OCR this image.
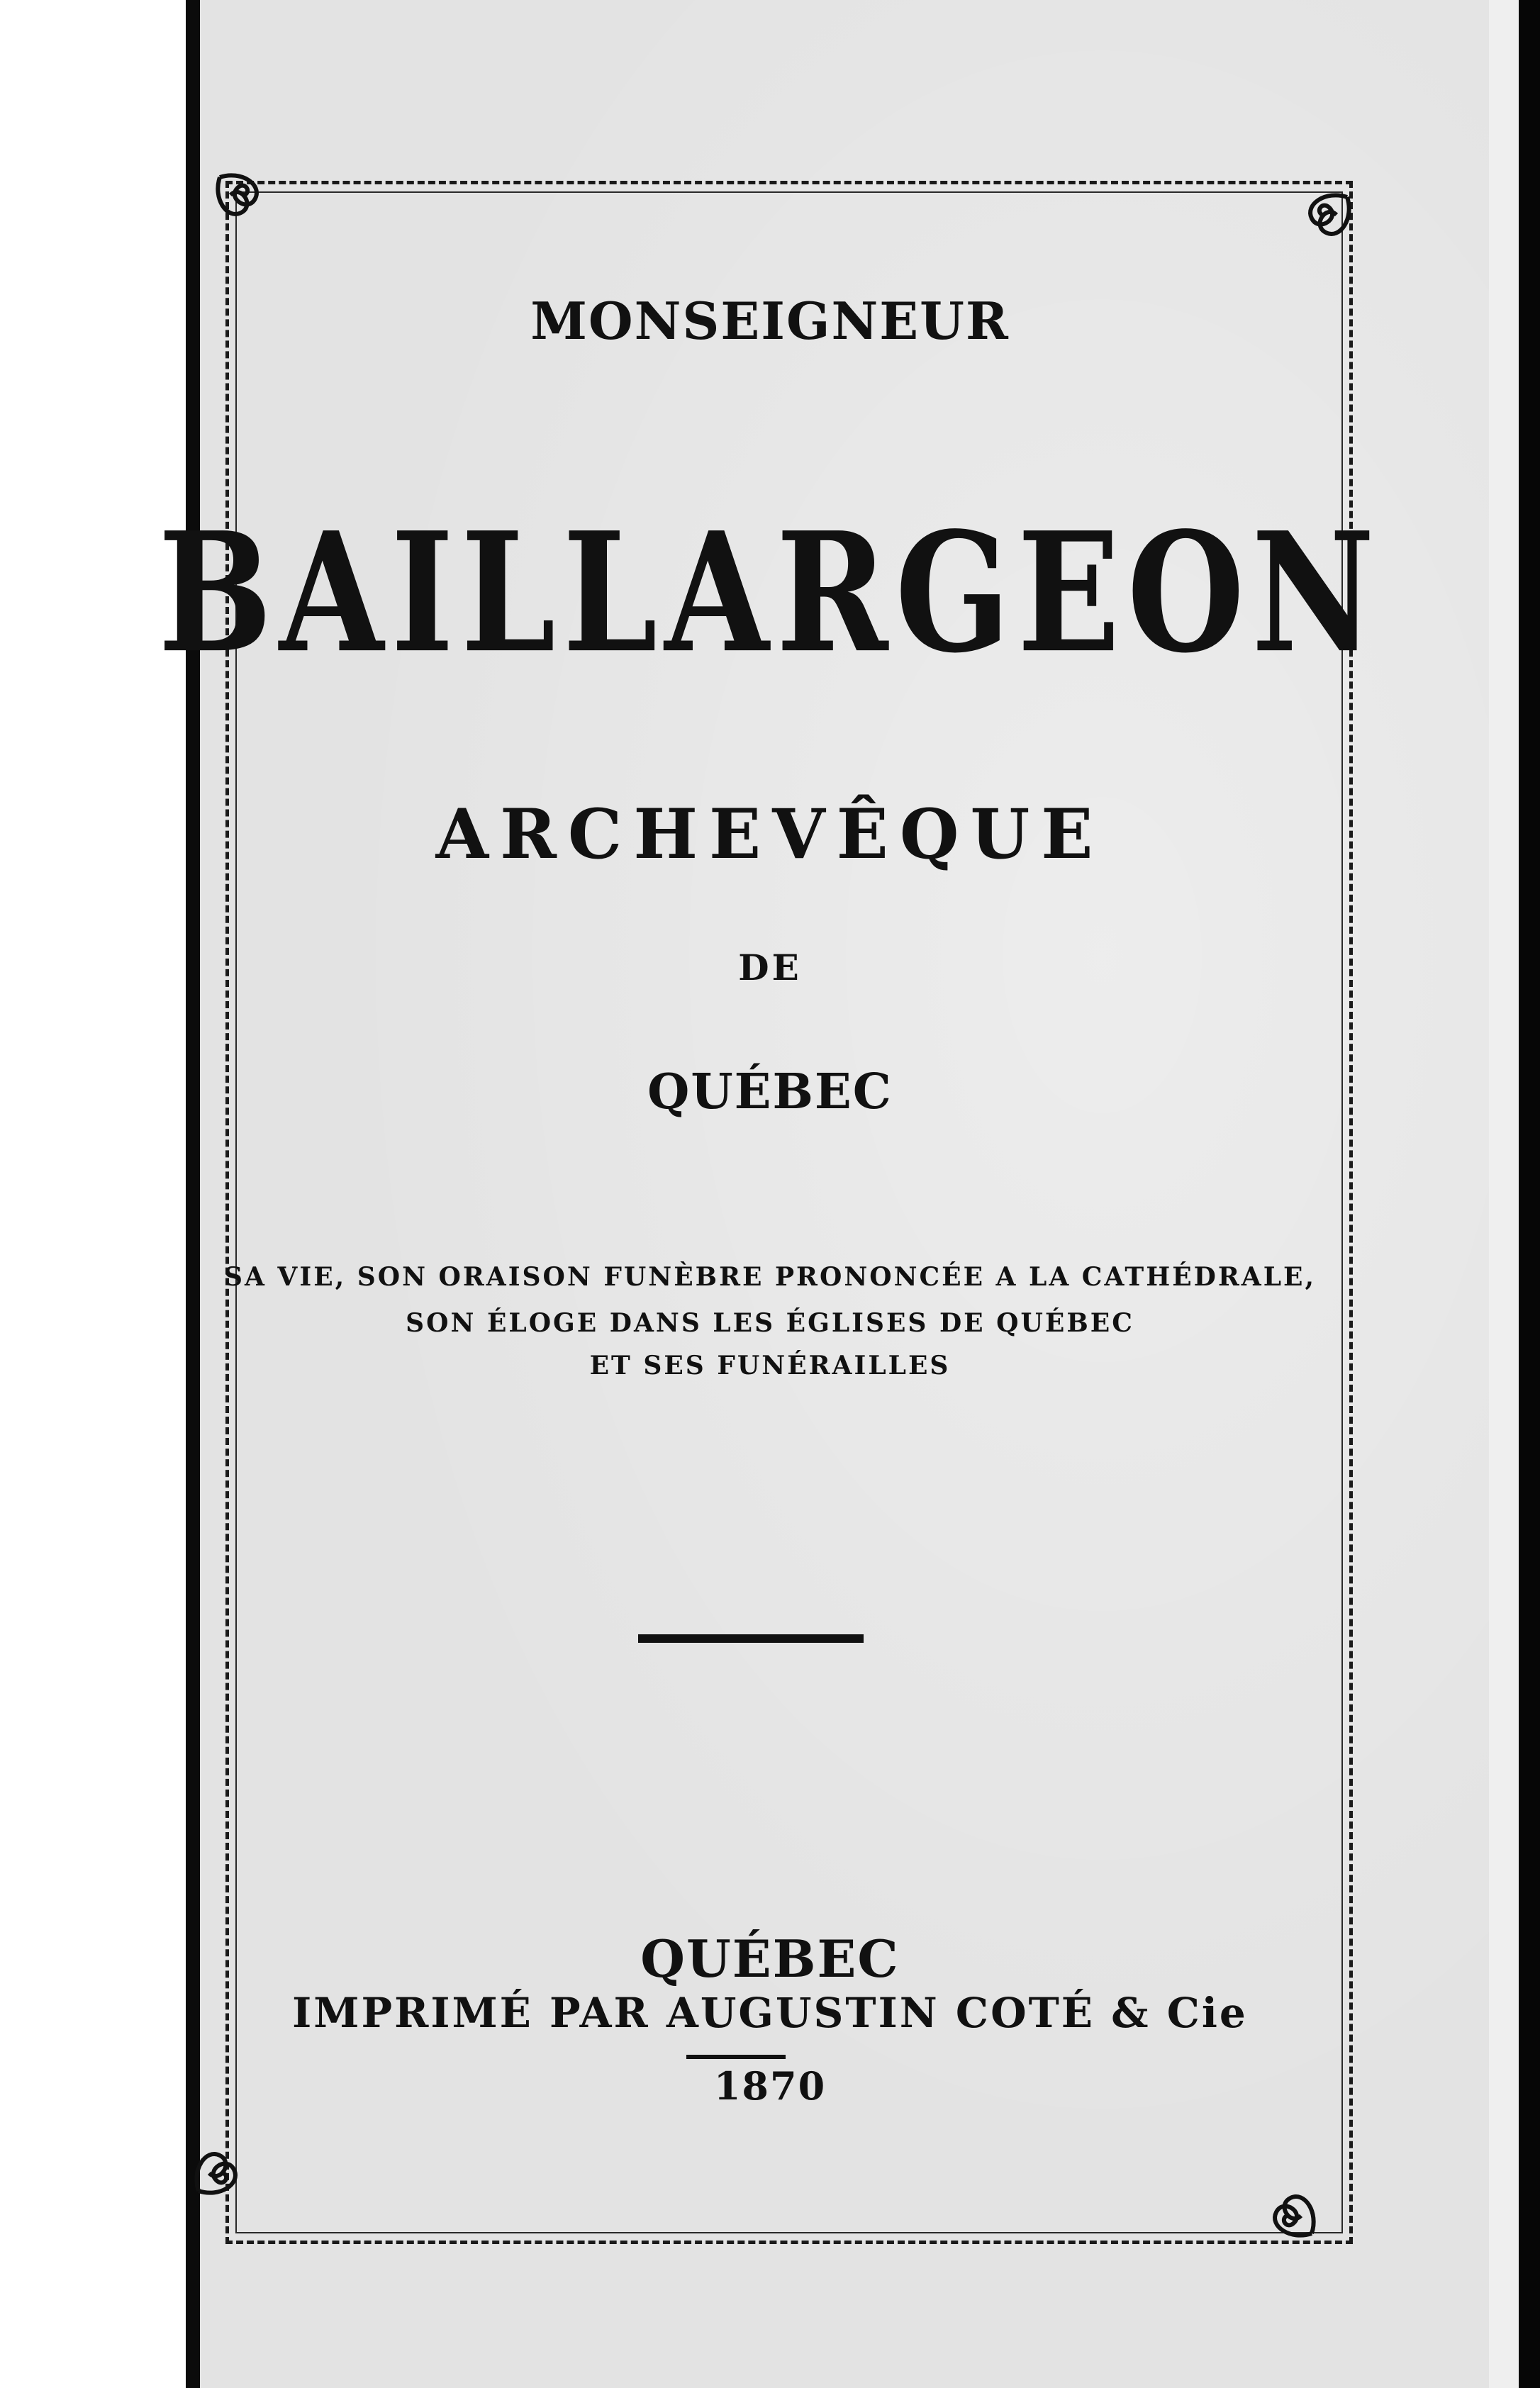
MONSEIGNEUR
BAILLARGEON
ARCHEVÊQUE
DE
QUÉBEC
SA VIE, SON ORAISON FUNÈBRE PRONONCÉE A LA CATHÉDRALE,
SON ÉLOGE DANS LES ÉGLISES DE QUÉBEC
ET SES FUNÉRAILLES
QUÉBEC
IMPRIMÉ PAR AUGUSTIN COTÉ & Cie
1870
